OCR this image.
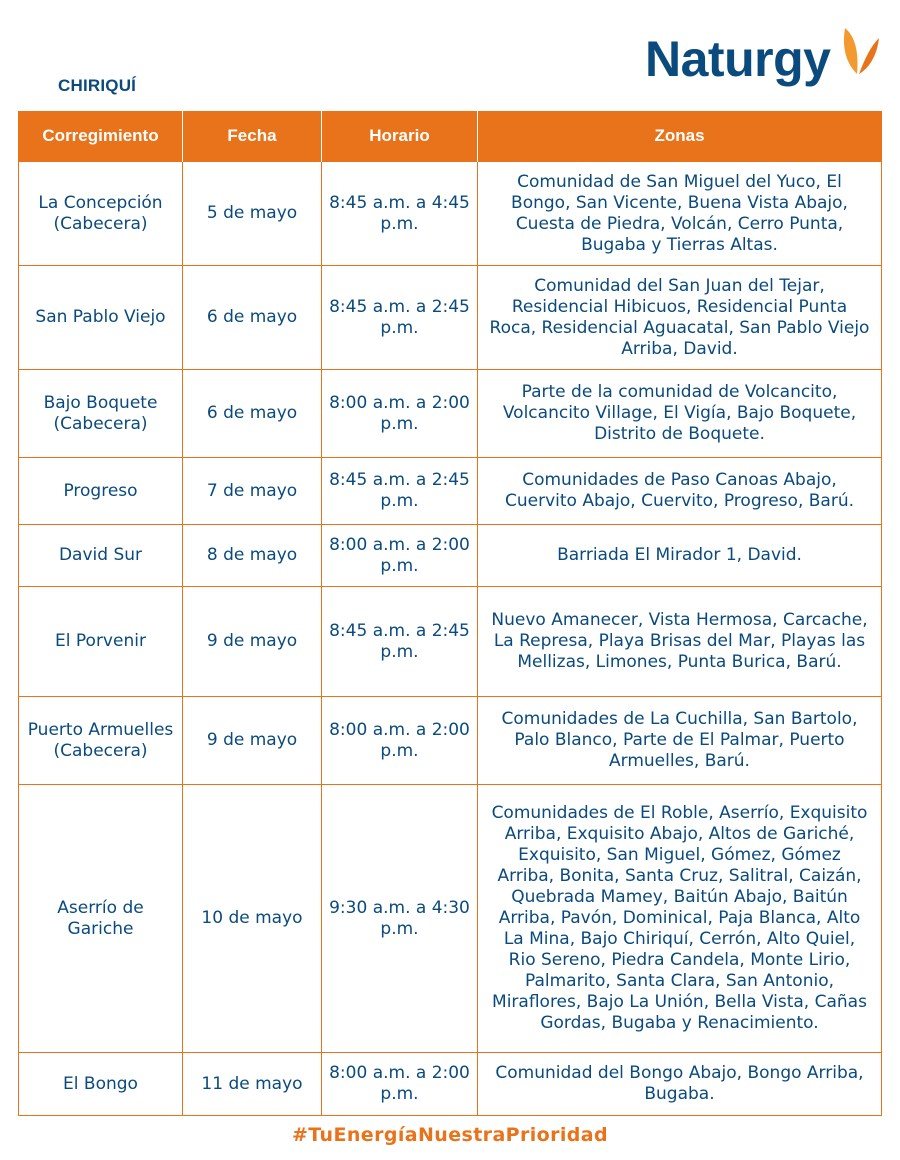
CHIRIQUÍ	Naturgy
Corregimiento	Fecha	Horario	Zonas
La Concepción (Cabecera)	5 de mayo	8:45 a.m. a 4:45 p.m.	Comunidad de San Miguel del Yuco, El Bongo, San Vicente, Buena Vista Abajo, Cuesta de Piedra, Volcán, Cerro Punta, Bugaba y Tierras Altas.
San Pablo Viejo	6 de mayo	8:45 a.m. a 2:45 p.m.	Comunidad del San Juan del Tejar, Residencial Hibicuos, Residencial Punta Roca, Residencial Aguacatal, San Pablo Viejo Arriba, David.
Bajo Boquete (Cabecera)	6 de mayo	8:00 a.m. a 2:00 p.m.	Parte de la comunidad de Volcancito, Volcancito Village, El Vigía, Bajo Boquete, Distrito de Boquete.
Progreso	7 de mayo	8:45 a.m. a 2:45 p.m.	Comunidades de Paso Canoas Abajo, Cuervito Abajo, Cuervito, Progreso, Barú.
David Sur	8 de mayo	8:00 a.m. a 2:00 p.m.	Barriada El Mirador 1, David.
El Porvenir	9 de mayo	8:45 a.m. a 2:45 p.m.	Nuevo Amanecer, Vista Hermosa, Carcache, La Represa, Playa Brisas del Mar, Playas las Mellizas, Limones, Punta Burica, Barú.
Puerto Armuelles (Cabecera)	9 de mayo	8:00 a.m. a 2:00 p.m.	Comunidades de La Cuchilla, San Bartolo, Palo Blanco, Parte de El Palmar, Puerto Armuelles, Barú.
Aserrío de Gariche	10 de mayo	9:30 a.m. a 4:30 p.m.	Comunidades de El Roble, Aserrío, Exquisito Arriba, Exquisito Abajo, Altos de Gariché, Exquisito, San Miguel, Gómez, Gómez Arriba, Bonita, Santa Cruz, Salitral, Caizán, Quebrada Mamey, Baitún Abajo, Baitún Arriba, Pavón, Dominical, Paja Blanca, Alto La Mina, Bajo Chiriquí, Cerrón, Alto Quiel, Rio Sereno, Piedra Candela, Monte Lirio, Palmarito, Santa Clara, San Antonio, Miraflores, Bajo La Unión, Bella Vista, Cañas Gordas, Bugaba y Renacimiento.
El Bongo	11 de mayo	8:00 a.m. a 2:00 p.m.	Comunidad del Bongo Abajo, Bongo Arriba, Bugaba.
#TuEnergíaNuestraPrioridad
